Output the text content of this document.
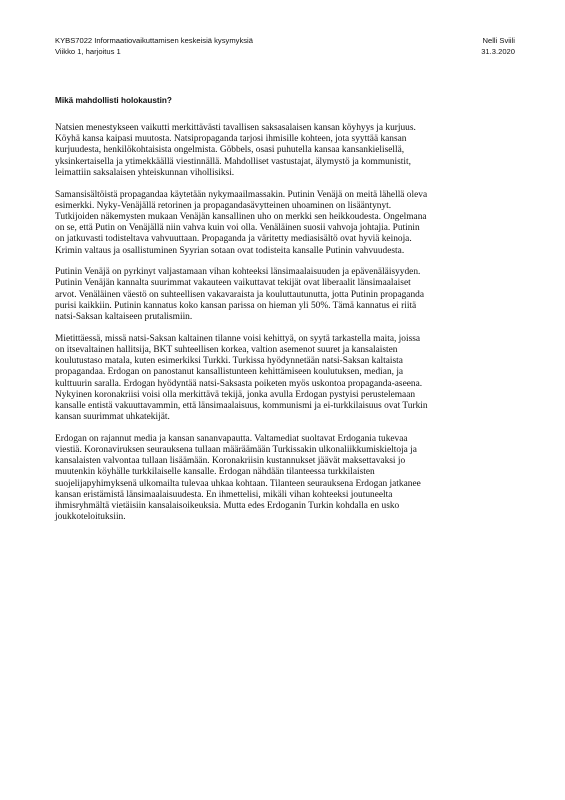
KYBS7022 Informaatiovaikuttamisen keskeisiä kysymyksiä	Nelli Sviili
Viikko 1, harjoitus 1	31.3.2020
Mikä mahdollisti holokaustin?
Natsien menestykseen vaikutti merkittävästi tavallisen saksasalaisen kansan köyhyys ja kurjuus.
Köyhä kansa kaipasi muutosta. Natsipropaganda tarjosi ihmisille kohteen, jota syyttää kansan
kurjuudesta, henkilökohtaisista ongelmista. Göbbels, osasi puhutella kansaa kansankielisellä,
yksinkertaisella ja ytimekkäällä viestinnällä. Mahdolliset vastustajat, älymystö ja kommunistit,
leimattiin saksalaisen yhteiskunnan vihollisiksi.
Samansisältöistä propagandaa käytetään nykymaailmassakin. Putinin Venäjä on meitä lähellä oleva
esimerkki. Nyky-Venäjällä retorinen ja propagandasävytteinen uhoaminen on lisääntynyt.
Tutkijoiden näkemysten mukaan Venäjän kansallinen uho on merkki sen heikkoudesta. Ongelmana
on se, että Putin on Venäjällä niin vahva kuin voi olla. Venäläinen suosii vahvoja johtajia. Putinin
on jatkuvasti todisteltava vahvuuttaan. Propaganda ja väritetty mediasisältö ovat hyviä keinoja.
Krimin valtaus ja osallistuminen Syyrian sotaan ovat todisteita kansalle Putinin vahvuudesta.
Putinin Venäjä on pyrkinyt valjastamaan vihan kohteeksi länsimaalaisuuden ja epävenäläisyyden.
Putinin Venäjän kannalta suurimmat vakauteen vaikuttavat tekijät ovat liberaalit länsimaalaiset
arvot. Venäläinen väestö on suhteellisen vakavaraista ja kouluttautunutta, jotta Putinin propaganda
purisi kaikkiin. Putinin kannatus koko kansan parissa on hieman yli 50%. Tämä kannatus ei riitä
natsi-Saksan kaltaiseen prutalismiin.
Mietittäessä, missä natsi-Saksan kaltainen tilanne voisi kehittyä, on syytä tarkastella maita, joissa
on itsevaltainen hallitsija, BKT suhteellisen korkea, valtion asemenot suuret ja kansalaisten
koulutustaso matala, kuten esimerkiksi Turkki. Turkissa hyödynnetään natsi-Saksan kaltaista
propagandaa. Erdogan on panostanut kansallistunteen kehittämiseen koulutuksen, median, ja
kulttuurin saralla. Erdogan hyödyntää natsi-Saksasta poiketen myös uskontoa propaganda-aseena.
Nykyinen koronakriisi voisi olla merkittävä tekijä, jonka avulla Erdogan pystyisi perustelemaan
kansalle entistä vakuuttavammin, että länsimaalaisuus, kommunismi ja ei-turkkilaisuus ovat Turkin
kansan suurimmat uhkatekijät.
Erdogan on rajannut media ja kansan sananvapautta. Valtamediat suoltavat Erdogania tukevaa
viestiä. Koronaviruksen seurauksena tullaan määräämään Turkissakin ulkonaliikkumiskieltoja ja
kansalaisten valvontaa tullaan lisäämään. Koronakriisin kustannukset jäävät maksettavaksi jo
muutenkin köyhälle turkkilaiselle kansalle. Erdogan nähdään tilanteessa turkkilaisten
suojelijapyhimyksenä ulkomailta tulevaa uhkaa kohtaan. Tilanteen seurauksena Erdogan jatkanee
kansan eristämistä länsimaalaisuudesta. En ihmettelisi, mikäli vihan kohteeksi joutuneelta
ihmisryhmältä vietäisiin kansalaisoikeuksia. Mutta edes Erdoganin Turkin kohdalla en usko
joukkoteloituksiin.
